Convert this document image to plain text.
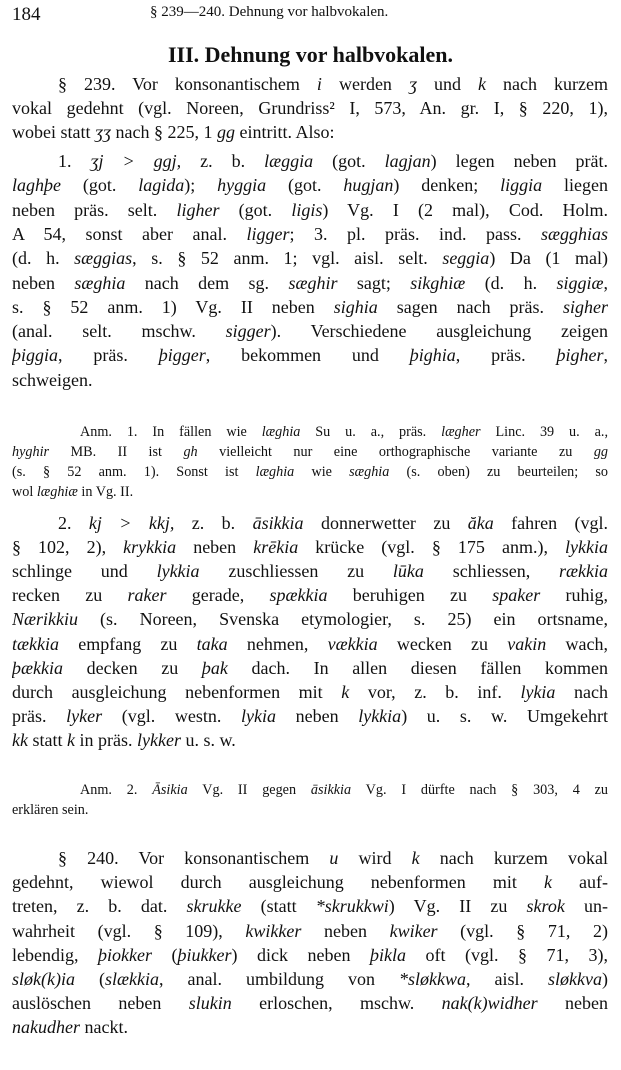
184	§ 239—240. Dehnung vor halbvokalen.
III. Dehnung vor halbvokalen.
§ 239. Vor konsonantischem i werden ʒ und k nach kurzem
vokal gedehnt (vgl. Noreen, Grundriss² I, 573, An. gr. I, § 220, 1),
wobei statt ʒʒ nach § 225, 1 gg eintritt. Also:
1. ʒj > ggj, z. b. læggia (got. lagjan) legen neben prät.
laghþe (got. lagida); hyggia (got. hugjan) denken; liggia liegen
neben präs. selt. ligher (got. ligis) Vg. I (2 mal), Cod. Holm.
A 54, sonst aber anal. ligger; 3. pl. präs. ind. pass. sægghias
(d. h. sæggias, s. § 52 anm. 1; vgl. aisl. selt. seggia) Da (1 mal)
neben sæghia nach dem sg. sæghir sagt; sikghiæ (d. h. siggiæ,
s. § 52 anm. 1) Vg. II neben sighia sagen nach präs. sigher
(anal. selt. mschw. sigger). Verschiedene ausgleichung zeigen
þiggia, präs. þigger, bekommen und þighia, präs. þigher,
schweigen.
Anm. 1. In fällen wie læghia Su u. a., präs. lægher Linc. 39 u. a.,
hyghir MB. II ist gh vielleicht nur eine orthographische variante zu gg
(s. § 52 anm. 1). Sonst ist læghia wie sæghia (s. oben) zu beurteilen; so
wol læghiæ in Vg. II.
2. kj > kkj, z. b. āsikkia donnerwetter zu ăka fahren (vgl.
§ 102, 2), krykkia neben krēkia krücke (vgl. § 175 anm.), lykkia
schlinge und lykkia zuschliessen zu lūka schliessen, rækkia
recken zu raker gerade, spækkia beruhigen zu spaker ruhig,
Nærikkiu (s. Noreen, Svenska etymologier, s. 25) ein ortsname,
tækkia empfang zu taka nehmen, vækkia wecken zu vakin wach,
þækkia decken zu þak dach. In allen diesen fällen kommen
durch ausgleichung nebenformen mit k vor, z. b. inf. lykia nach
präs. lyker (vgl. westn. lykia neben lykkia) u. s. w. Umgekehrt
kk statt k in präs. lykker u. s. w.
Anm. 2. Āsikia Vg. II gegen āsikkia Vg. I dürfte nach § 303, 4 zu
erklären sein.
§ 240. Vor konsonantischem u wird k nach kurzem vokal
gedehnt, wiewol durch ausgleichung nebenformen mit k auf-
treten, z. b. dat. skrukke (statt *skrukkwi) Vg. II zu skrok un-
wahrheit (vgl. § 109), kwikker neben kwiker (vgl. § 71, 2)
lebendig, þiokker (þiukker) dick neben þikla oft (vgl. § 71, 3),
sløk(k)ia (slækkia, anal. umbildung von *sløkkwa, aisl. sløkkva)
auslöschen neben slukin erloschen, mschw. nak(k)widher neben
nakudher nackt.
